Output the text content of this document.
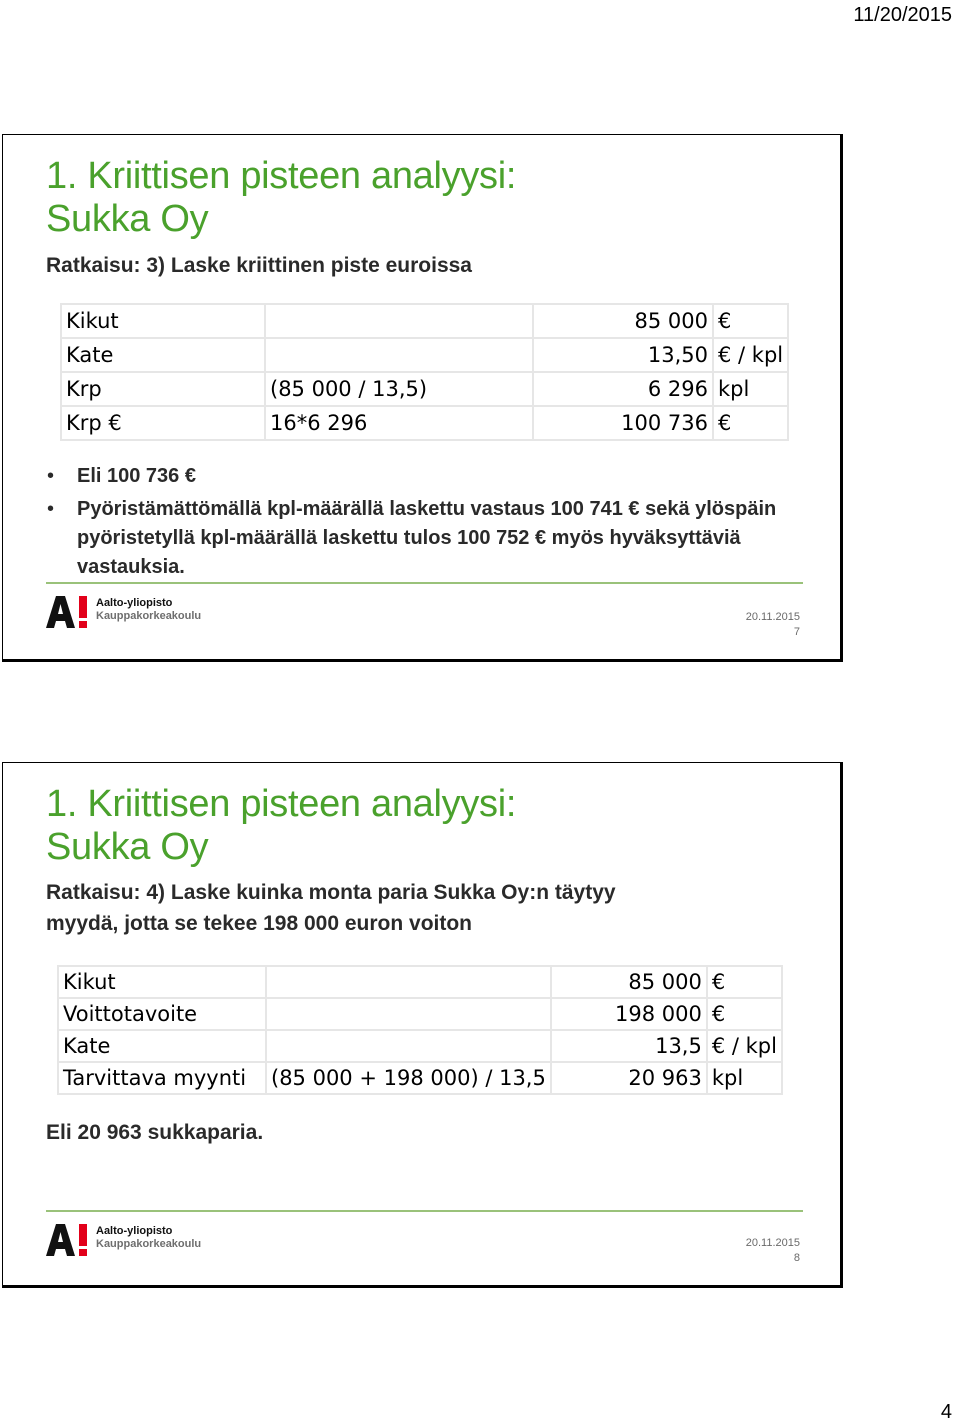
11/20/2015
1. Kriittisen pisteen analyysi:
Sukka Oy

Ratkaisu: 3) Laske kriittinen piste euroissa

Kikut		85 000	€
Kate		13,50	€ / kpl
Krp	(85 000 / 13,5)	6 296	kpl
Krp €	16*6 296	100 736	€
• Eli 100 736 €
• Pyöristämättömällä kpl-määrällä laskettu vastaus 100 741 € sekä ylöspäin pyöristetyllä kpl-määrällä laskettu tulos 100 752 € myös hyväksyttäviä vastauksia.
Aalto-yliopisto
Kauppakorkeakoulu	20.11.2015
7
1. Kriittisen pisteen analyysi:
Sukka Oy

Ratkaisu: 4) Laske kuinka monta paria Sukka Oy:n täytyy
myydä, jotta se tekee 198 000 euron voiton

Kikut		85 000	€
Voittotavoite		198 000	€
Kate		13,5	€ / kpl
Tarvittava myynti	(85 000 + 198 000) / 13,5	20 963	kpl

Eli 20 963 sukkaparia.

Aalto-yliopisto
Kauppakorkeakoulu	20.11.2015
8
4
